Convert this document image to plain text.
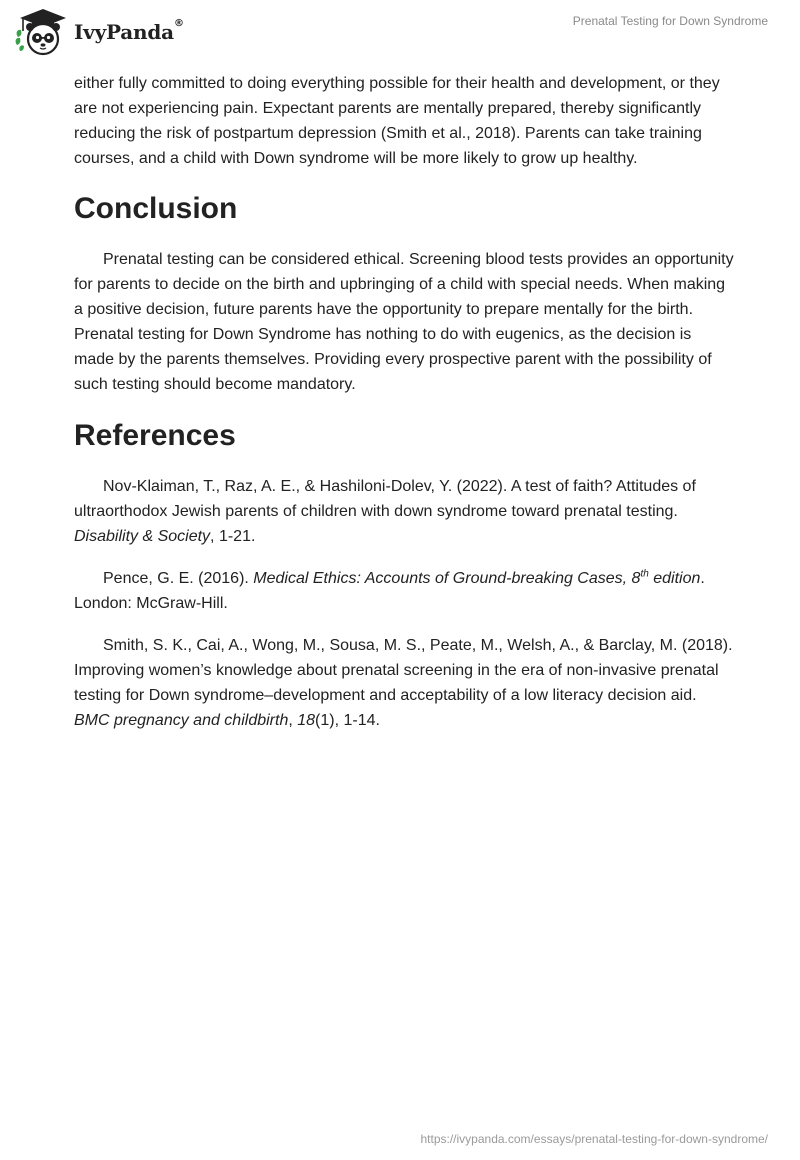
IvyPanda®	Prenatal Testing for Down Syndrome

either fully committed to doing everything possible for their health and development, or they are not experiencing pain. Expectant parents are mentally prepared, thereby significantly reducing the risk of postpartum depression (Smith et al., 2018). Parents can take training courses, and a child with Down syndrome will be more likely to grow up healthy.

Conclusion

Prenatal testing can be considered ethical. Screening blood tests provides an opportunity for parents to decide on the birth and upbringing of a child with special needs. When making a positive decision, future parents have the opportunity to prepare mentally for the birth. Prenatal testing for Down Syndrome has nothing to do with eugenics, as the decision is made by the parents themselves. Providing every prospective parent with the possibility of such testing should become mandatory.

References

Nov-Klaiman, T., Raz, A. E., & Hashiloni-Dolev, Y. (2022). A test of faith? Attitudes of ultraorthodox Jewish parents of children with down syndrome toward prenatal testing. Disability & Society, 1-21.

Pence, G. E. (2016). Medical Ethics: Accounts of Ground-breaking Cases, 8th edition. London: McGraw-Hill.

Smith, S. K., Cai, A., Wong, M., Sousa, M. S., Peate, M., Welsh, A., & Barclay, M. (2018). Improving women’s knowledge about prenatal screening in the era of non-invasive prenatal testing for Down syndrome–development and acceptability of a low literacy decision aid. BMC pregnancy and childbirth, 18(1), 1-14.

https://ivypanda.com/essays/prenatal-testing-for-down-syndrome/
